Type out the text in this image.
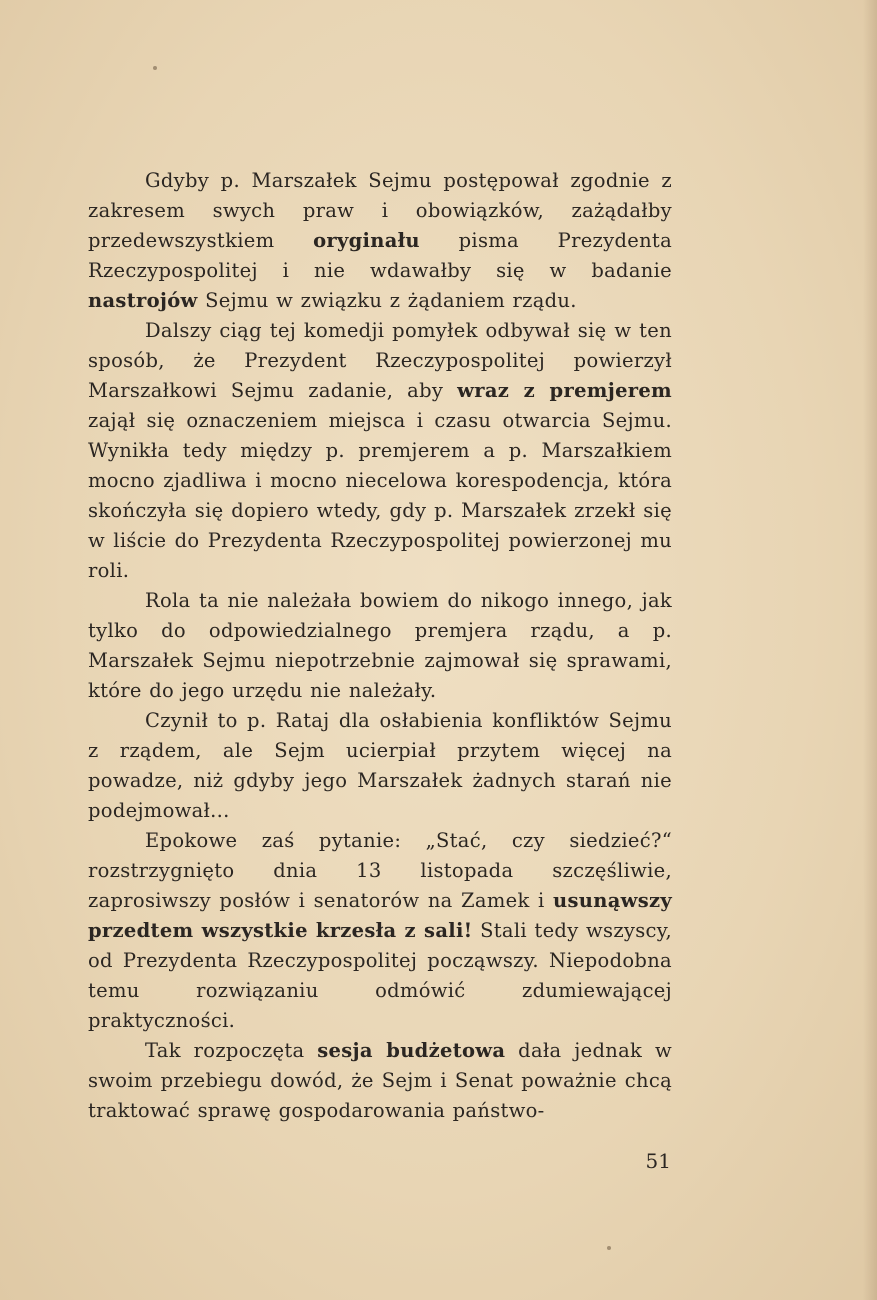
Gdyby p. Marszałek Sejmu postępował zgodnie z zakresem swych praw i obowiązków, zażądałby przedewszystkiem oryginału pisma Prezydenta Rzeczypospolitej i nie wdawałby się w badanie nastrojów Sejmu w związku z żądaniem rządu.

Dalszy ciąg tej komedji pomyłek odbywał się w ten sposób, że Prezydent Rzeczypospolitej powierzył Marszałkowi Sejmu zadanie, aby wraz z premjerem zajął się oznaczeniem miejsca i czasu otwarcia Sejmu. Wynikła tedy między p. premjerem a p. Marszałkiem mocno zjadliwa i mocno niecelowa korespodencja, która skończyła się dopiero wtedy, gdy p. Marszałek zrzekł się w liście do Prezydenta Rzeczypospolitej powierzonej mu roli.

Rola ta nie należała bowiem do nikogo innego, jak tylko do odpowiedzialnego premjera rządu, a p. Marszałek Sejmu niepotrzebnie zajmował się sprawami, które do jego urzędu nie należały.

Czynił to p. Rataj dla osłabienia konfliktów Sejmu z rządem, ale Sejm ucierpiał przytem więcej na powadze, niż gdyby jego Marszałek żadnych starań nie podejmował...

Epokowe zaś pytanie: „Stać, czy siedzieć?“ rozstrzygnięto dnia 13 listopada szczęśliwie, zaprosiwszy posłów i senatorów na Zamek i usunąwszy przedtem wszystkie krzesła z sali! Stali tedy wszyscy, od Prezydenta Rzeczypospolitej począwszy. Niepodobna temu rozwiązaniu odmówić zdumiewającej praktyczności.

Tak rozpoczęta sesja budżetowa dała jednak w swoim przebiegu dowód, że Sejm i Senat poważnie chcą traktować sprawę gospodarowania państwo-

51
